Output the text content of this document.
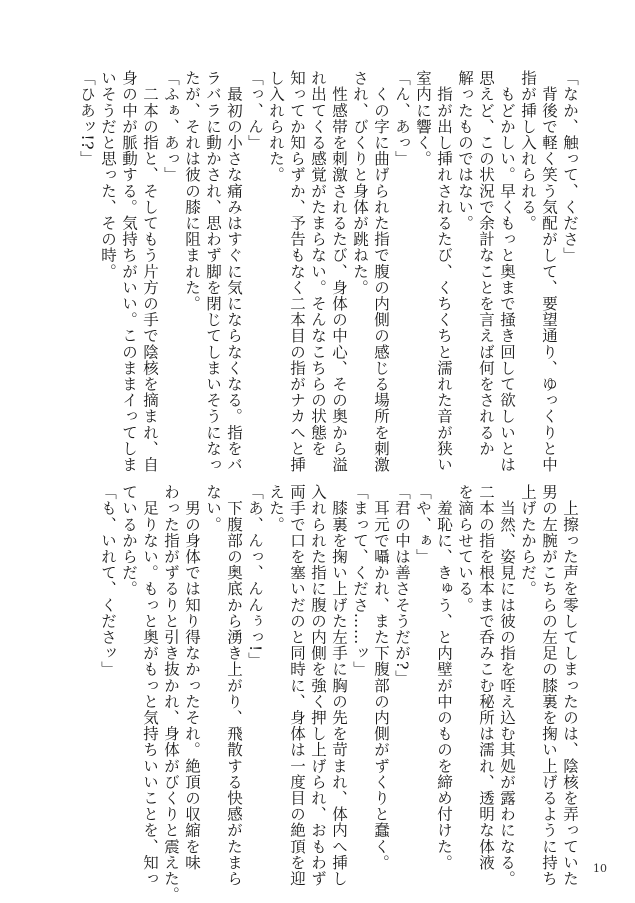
「なか、触って、くださ」

　背後で軽く笑う気配がして、要望通り、ゆっくりと中

指が挿し入れられる。

　もどかしい。早くもっと奥まで掻き回して欲しいとは

思えど、この状況で余計なことを言えば何をされるか

解ったものではない。

　指が出し挿れされるたび、くちくちと濡れた音が狭い

室内に響く。

「ん、あっ」

　くの字に曲げられた指で腹の内側の感じる場所を刺激

され、びくりと身体が跳ねた。

　性感帯を刺激されるたび、身体の中心、その奥から溢

れ出てくる感覚がたまらない。そんなこちらの状態を

知ってか知らずか、予告もなく二本目の指がナカへと挿

し入れられた。

「っ、ん」

　最初の小さな痛みはすぐに気にならなくなる。指をバ

ラバラに動かされ、思わず脚を閉じてしまいそうになっ

たが、それは彼の膝に阻まれた。

「ふぁ、あっ」

　二本の指と、そしてもう片方の手で陰核を摘まれ、自

身の中が脈動する。気持ちがいい。このままイってしま

いそうだと思った、その時。

「ひあッ!?」

　上擦った声を零してしまったのは、陰核を弄っていた

男の左腕がこちらの左足の膝裏を掬い上げるように持ち

上げたからだ。

　当然、姿見には彼の指を咥え込む其処が露わになる。

二本の指を根本まで呑みこむ秘所は濡れ、透明な体液

を滴らせている。

　羞恥に、きゅう、と内壁が中のものを締め付けた。

「や、ぁ」

「君の中は善さそうだが?」

　耳元で囁かれ、また下腹部の内側がずくりと蠢く。

「まって、くださ……ッ」

　膝裏を掬い上げた左手に胸の先を苛まれ、体内へ挿し

入れられた指に腹の内側を強く押し上げられ、おもわず

両手で口を塞いだのと同時に、身体は一度目の絶頂を迎

えた。

「あ、んっ、んんぅっ!」

　下腹部の奥底から湧き上がり、飛散する快感がたまら

ない。

　男の身体では知り得なかったそれ。絶頂の収縮を味

わった指がずるりと引き抜かれ、身体がびくりと震えた。

　足りない。もっと奥がもっと気持ちいいことを、知っ

ているからだ。

「も、いれて、くださッ」

10
